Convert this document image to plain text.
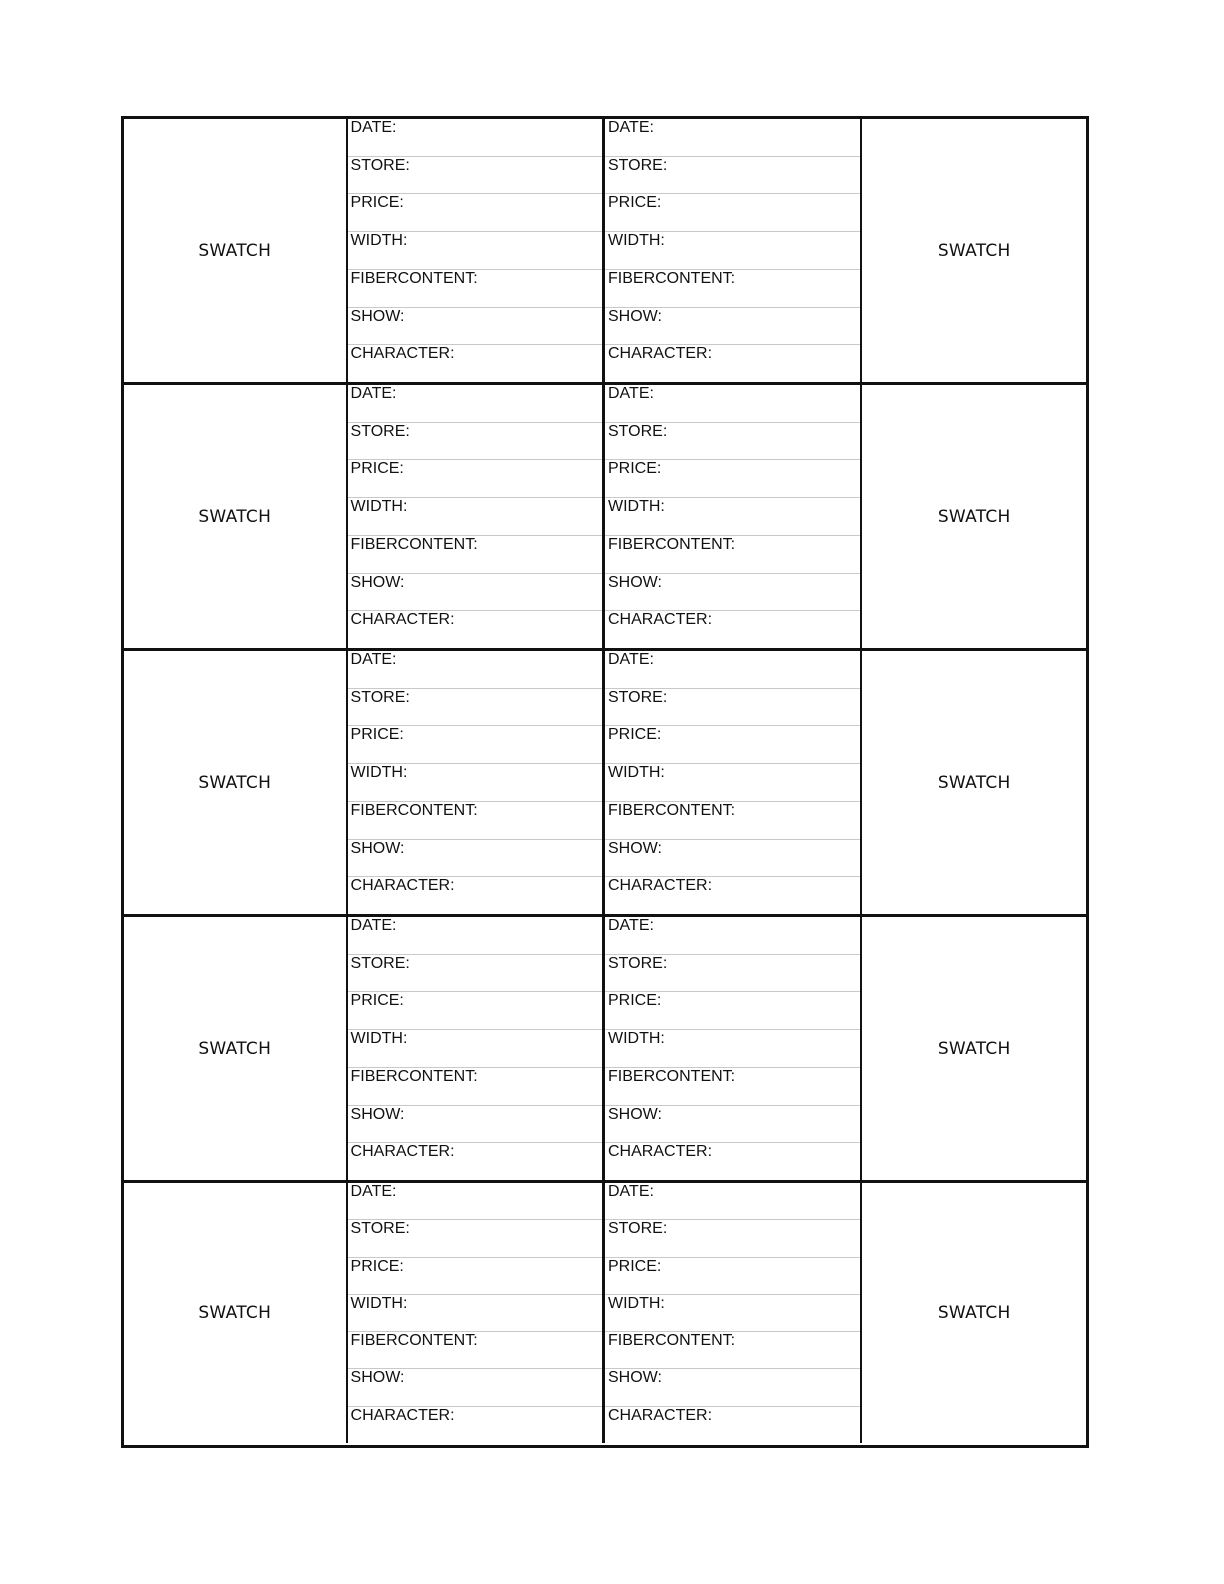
SWATCH
DATE:
STORE:
PRICE:
WIDTH:
FIBERCONTENT:
SHOW:
CHARACTER:
DATE:
STORE:
PRICE:
WIDTH:
FIBERCONTENT:
SHOW:
CHARACTER:
SWATCH
SWATCH
DATE:
STORE:
PRICE:
WIDTH:
FIBERCONTENT:
SHOW:
CHARACTER:
DATE:
STORE:
PRICE:
WIDTH:
FIBERCONTENT:
SHOW:
CHARACTER:
SWATCH
SWATCH
DATE:
STORE:
PRICE:
WIDTH:
FIBERCONTENT:
SHOW:
CHARACTER:
DATE:
STORE:
PRICE:
WIDTH:
FIBERCONTENT:
SHOW:
CHARACTER:
SWATCH
SWATCH
DATE:
STORE:
PRICE:
WIDTH:
FIBERCONTENT:
SHOW:
CHARACTER:
DATE:
STORE:
PRICE:
WIDTH:
FIBERCONTENT:
SHOW:
CHARACTER:
SWATCH
SWATCH
DATE:
STORE:
PRICE:
WIDTH:
FIBERCONTENT:
SHOW:
CHARACTER:
DATE:
STORE:
PRICE:
WIDTH:
FIBERCONTENT:
SHOW:
CHARACTER:
SWATCH
